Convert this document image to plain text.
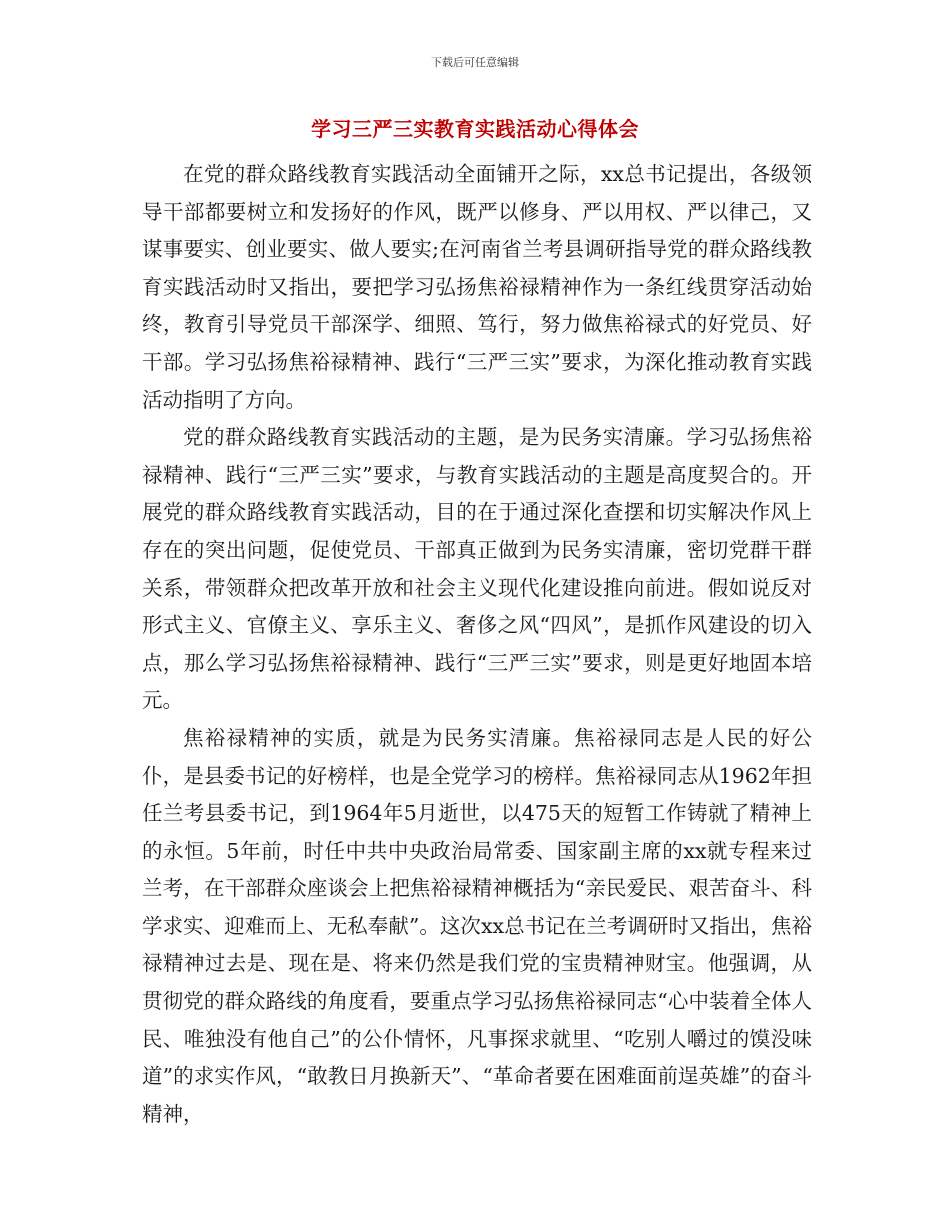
下载后可任意编辑
学习三严三实教育实践活动心得体会

在党的群众路线教育实践活动全面铺开之际，xx总书记提出，各级领导干部都要树立和发扬好的作风，既严以修身、严以用权、严以律己，又谋事要实、创业要实、做人要实;在河南省兰考县调研指导党的群众路线教育实践活动时又指出，要把学习弘扬焦裕禄精神作为一条红线贯穿活动始终，教育引导党员干部深学、细照、笃行，努力做焦裕禄式的好党员、好干部。学习弘扬焦裕禄精神、践行“三严三实”要求，为深化推动教育实践活动指明了方向。

党的群众路线教育实践活动的主题，是为民务实清廉。学习弘扬焦裕禄精神、践行“三严三实”要求，与教育实践活动的主题是高度契合的。开展党的群众路线教育实践活动，目的在于通过深化查摆和切实解决作风上存在的突出问题，促使党员、干部真正做到为民务实清廉，密切党群干群关系，带领群众把改革开放和社会主义现代化建设推向前进。假如说反对形式主义、官僚主义、享乐主义、奢侈之风“四风”，是抓作风建设的切入点，那么学习弘扬焦裕禄精神、践行“三严三实”要求，则是更好地固本培元。

焦裕禄精神的实质，就是为民务实清廉。焦裕禄同志是人民的好公仆，是县委书记的好榜样，也是全党学习的榜样。焦裕禄同志从1962年担任兰考县委书记，到1964年5月逝世，以475天的短暂工作铸就了精神上的永恒。5年前，时任中共中央政治局常委、国家副主席的xx就专程来过兰考，在干部群众座谈会上把焦裕禄精神概括为“亲民爱民、艰苦奋斗、科学求实、迎难而上、无私奉献”。这次xx总书记在兰考调研时又指出，焦裕禄精神过去是、现在是、将来仍然是我们党的宝贵精神财宝。他强调，从贯彻党的群众路线的角度看，要重点学习弘扬焦裕禄同志“心中装着全体人民、唯独没有他自己”的公仆情怀，凡事探求就里、“吃别人嚼过的馍没味道”的求实作风，“敢教日月换新天”、“革命者要在困难面前逞英雄”的奋斗精神，
